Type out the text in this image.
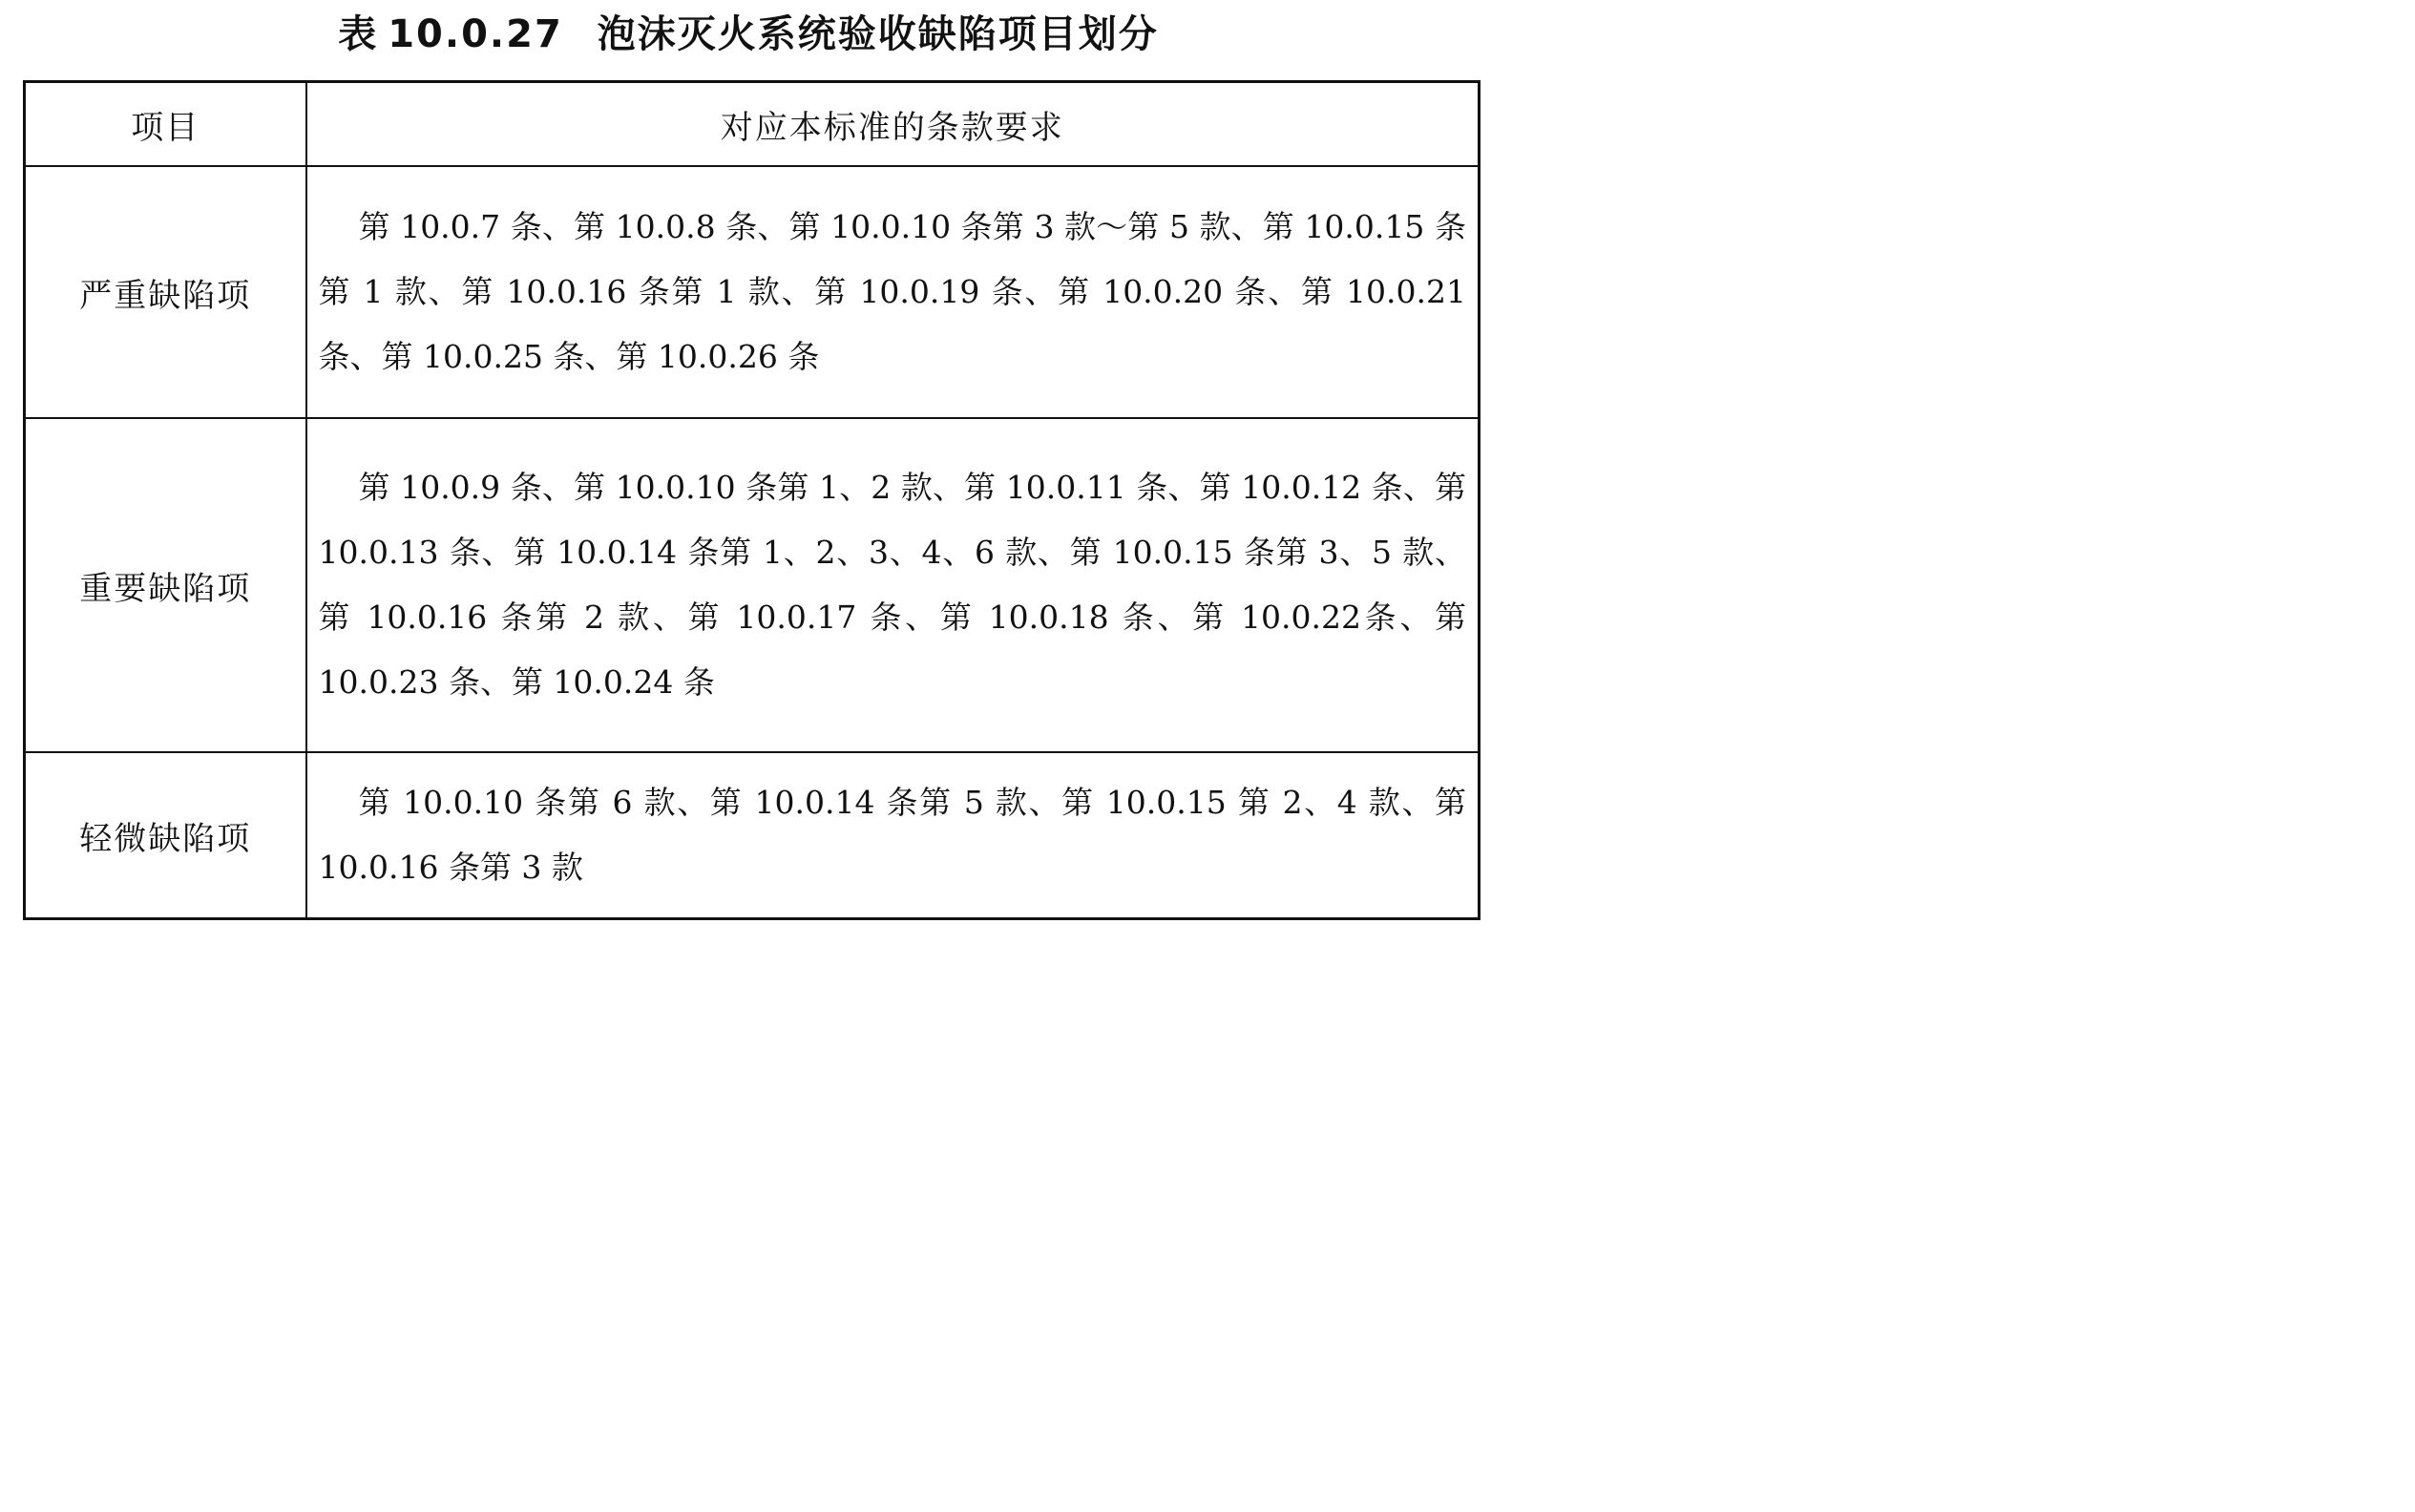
表 10.0.27 泡沫灭火系统验收缺陷项目划分
项目	对应本标准的条款要求
严重缺陷项	第 10.0.7 条、第 10.0.8 条、第 10.0.10 条第 3 款～第 5 款、第 10.0.15 条第 1 款、第 10.0.16 条第 1 款、第 10.0.19 条、第 10.0.20 条、第 10.0.21 条、第 10.0.25 条、第 10.0.26 条
重要缺陷项	第 10.0.9 条、第 10.0.10 条第 1、2 款、第 10.0.11 条、第 10.0.12 条、第 10.0.13 条、第 10.0.14 条第 1、2、3、4、6 款、第 10.0.15 条第 3、5 款、第 10.0.16 条第 2 款、第 10.0.17 条、第 10.0.18 条、第 10.0.22条、第 10.0.23 条、第 10.0.24 条
轻微缺陷项	第 10.0.10 条第 6 款、第 10.0.14 条第 5 款、第 10.0.15 第 2、4 款、第 10.0.16 条第 3 款
